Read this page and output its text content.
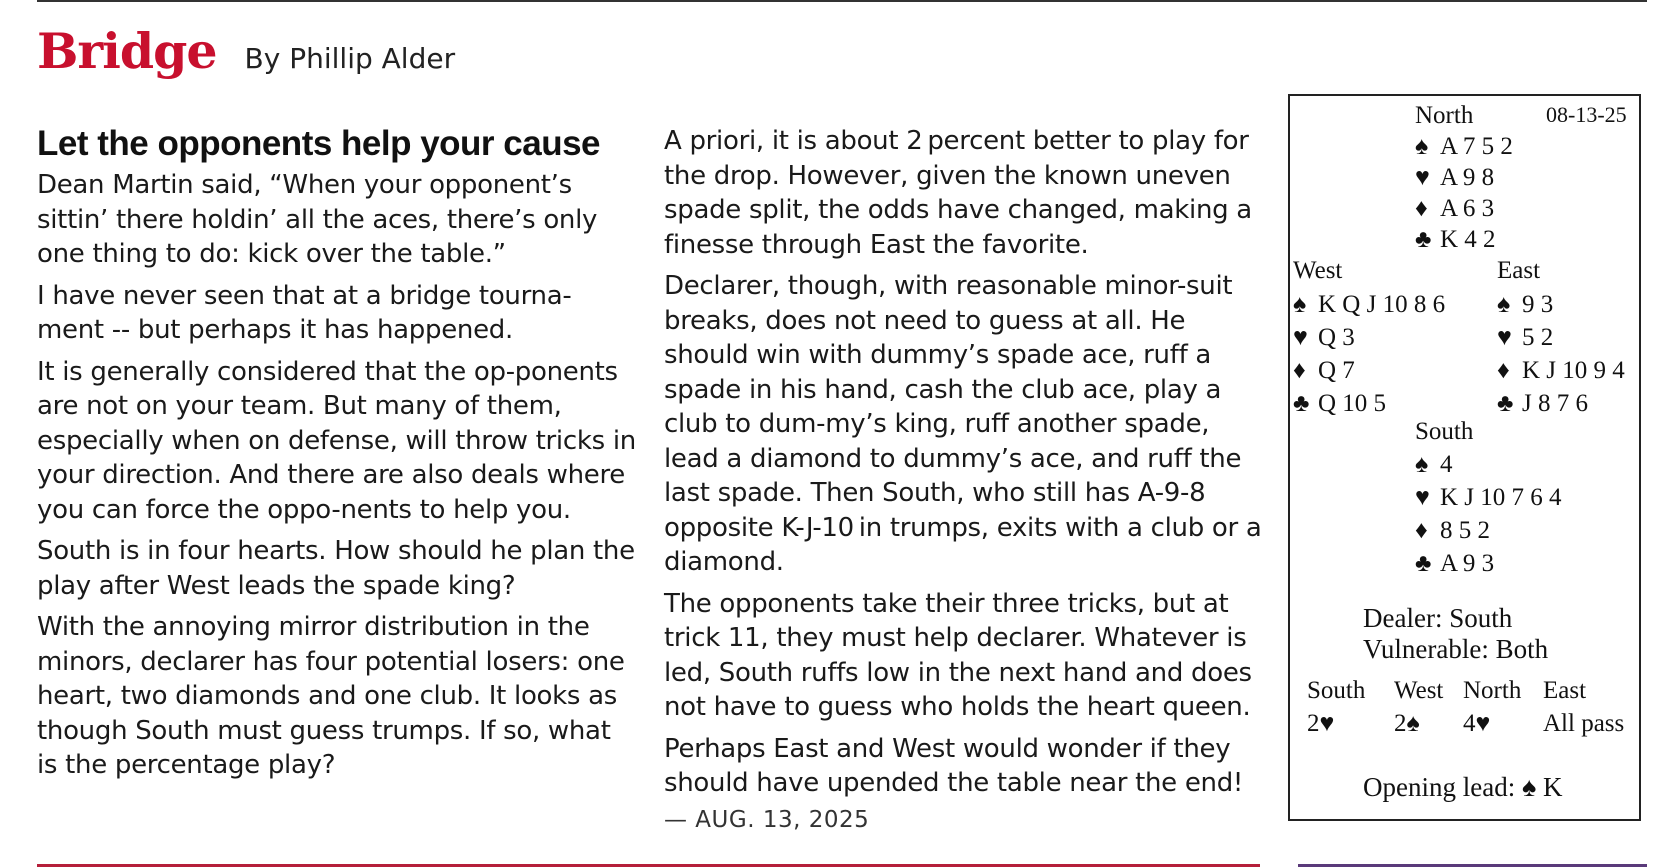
Bridge By Phillip Alder
Let the opponents help your cause

Dean Martin said, “When your opponent’s sittin’ there holdin’ all the aces, there’s only one thing to do: kick over the table.”

I have never seen that at a bridge tourna-ment -- but perhaps it has happened.

It is generally considered that the op-ponents are not on your team. But many of them, especially when on defense, will throw tricks in your direction. And there are also deals where you can force the oppo-nents to help you.

South is in four hearts. How should he plan the play after West leads the spade king?

With the annoying mirror distribution in the minors, declarer has four potential losers: one heart, two diamonds and one club. It looks as though South must guess trumps. If so, what is the percentage play?

A priori, it is about 2 percent better to play for the drop. However, given the known uneven spade split, the odds have changed, making a finesse through East the favorite.

Declarer, though, with reasonable minor-suit breaks, does not need to guess at all. He should win with dummy’s spade ace, ruff a spade in his hand, cash the club ace, play a club to dum-my’s king, ruff another spade, lead a diamond to dummy’s ace, and ruff the last spade. Then South, who still has A-9-8 opposite K-J-10 in trumps, exits with a club or a diamond.

The opponents take their three tricks, but at trick 11, they must help declarer. Whatever is led, South ruffs low in the next hand and does not have to guess who holds the heart queen.

Perhaps East and West would wonder if they should have upended the table near the end!

— AUG. 13, 2025
North	08-13-25
♠ A 7 5 2
♥ A 9 8
♦ A 6 3
♣ K 4 2
West	East
♠ K Q J 10 8 6
♥ Q 3
♦ Q 7
♣ Q 10 5
♠ 9 3
♥ 5 2
♦ K J 10 9 4
♣ J 8 7 6
South
♠ 4
♥ K J 10 7 6 4
♦ 8 5 2
♣ A 9 3
Dealer: South
Vulnerable: Both
South West North East
2♥ 2♠ 4♥ All pass
Opening lead: ♠ K
